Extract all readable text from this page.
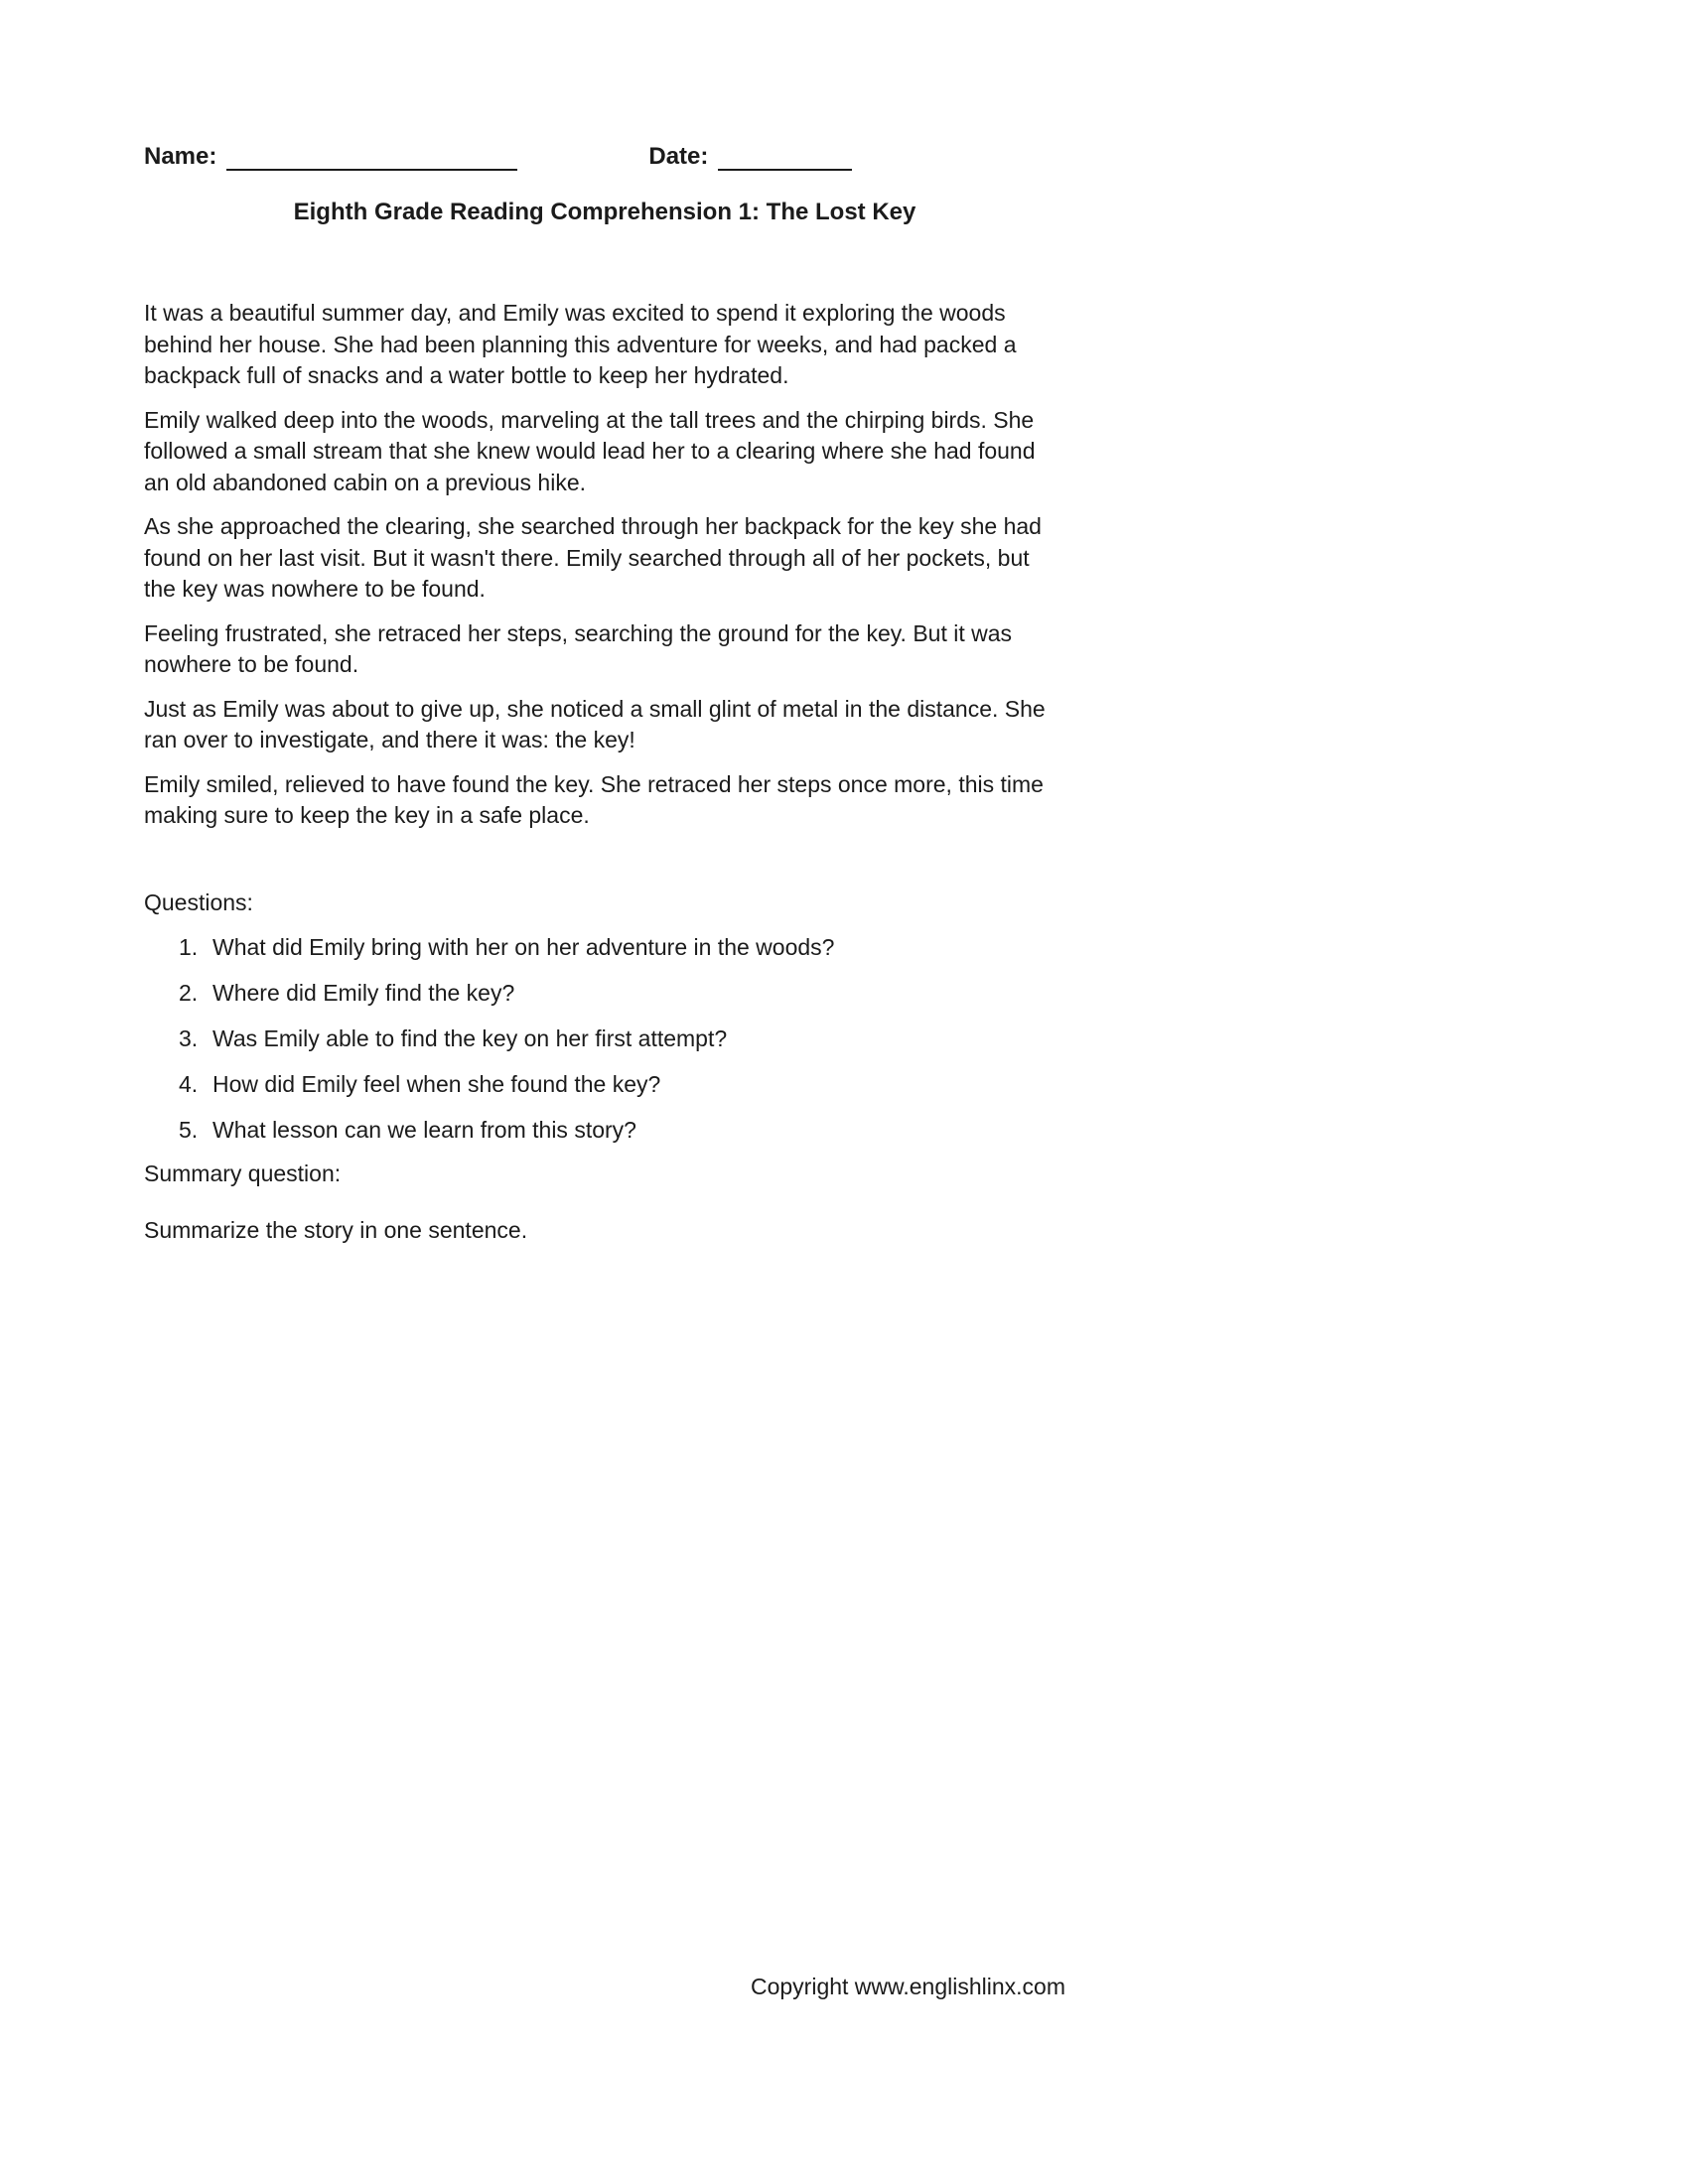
Name:	Date:
Eighth Grade Reading Comprehension 1: The Lost Key

It was a beautiful summer day, and Emily was excited to spend it exploring the woods behind her house. She had been planning this adventure for weeks, and had packed a backpack full of snacks and a water bottle to keep her hydrated.

Emily walked deep into the woods, marveling at the tall trees and the chirping birds. She followed a small stream that she knew would lead her to a clearing where she had found an old abandoned cabin on a previous hike.

As she approached the clearing, she searched through her backpack for the key she had found on her last visit. But it wasn't there. Emily searched through all of her pockets, but the key was nowhere to be found.

Feeling frustrated, she retraced her steps, searching the ground for the key. But it was nowhere to be found.

Just as Emily was about to give up, she noticed a small glint of metal in the distance. She ran over to investigate, and there it was: the key!

Emily smiled, relieved to have found the key. She retraced her steps once more, this time making sure to keep the key in a safe place.

Questions:
1. What did Emily bring with her on her adventure in the woods?
2. Where did Emily find the key?
3. Was Emily able to find the key on her first attempt?
4. How did Emily feel when she found the key?
5. What lesson can we learn from this story?
Summary question:
Summarize the story in one sentence.
Copyright www.englishlinx.com
